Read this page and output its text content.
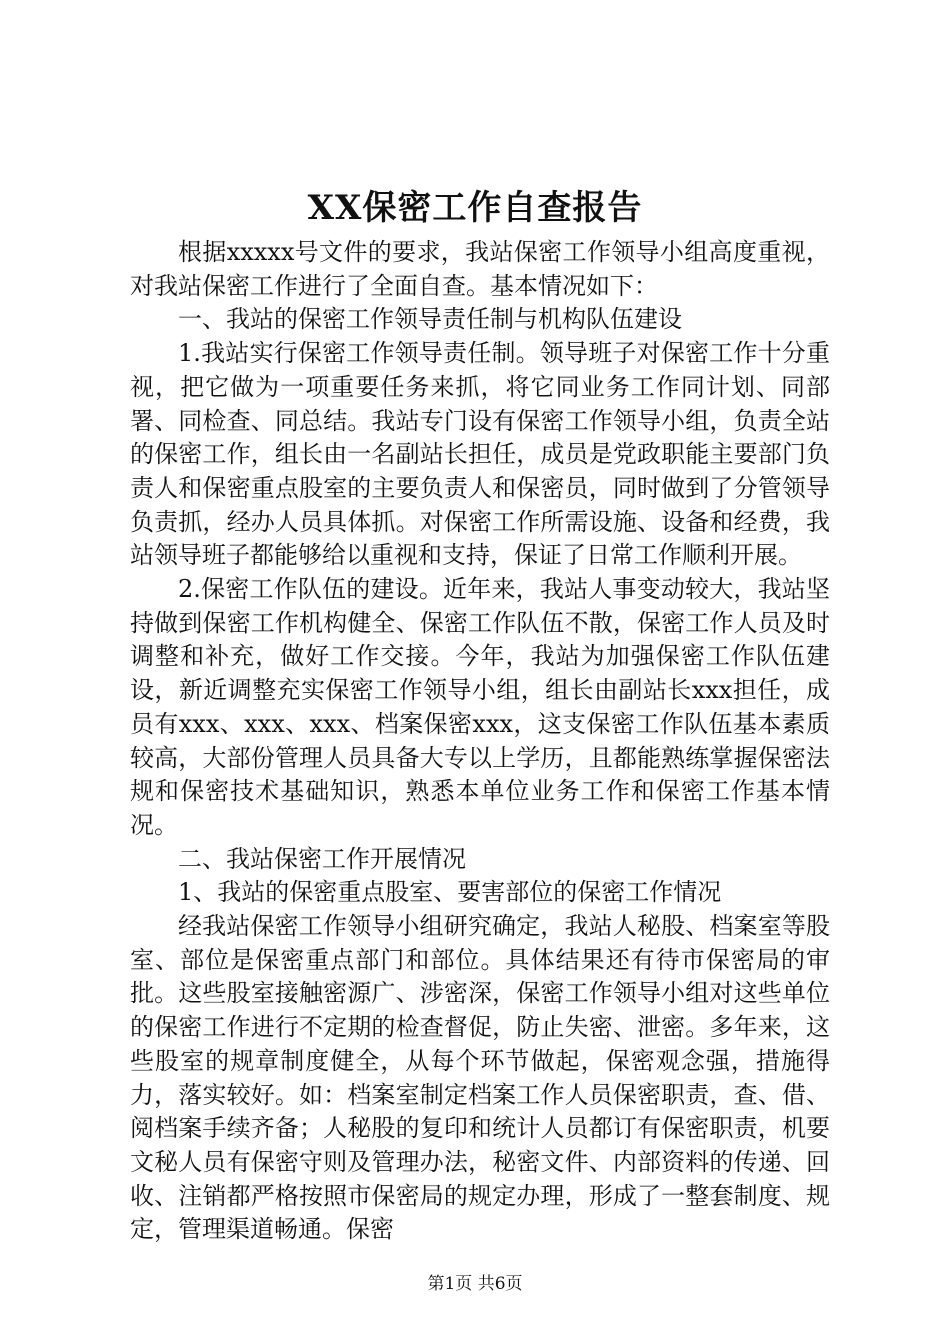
XX保密工作自查报告

根据xxxxx号文件的要求，我站保密工作领导小组高度重视，对我站保密工作进行了全面自查。基本情况如下：

一、我站的保密工作领导责任制与机构队伍建设

1.我站实行保密工作领导责任制。领导班子对保密工作十分重视，把它做为一项重要任务来抓，将它同业务工作同计划、同部署、同检查、同总结。我站专门设有保密工作领导小组，负责全站的保密工作，组长由一名副站长担任，成员是党政职能主要部门负责人和保密重点股室的主要负责人和保密员，同时做到了分管领导负责抓，经办人员具体抓。对保密工作所需设施、设备和经费，我站领导班子都能够给以重视和支持，保证了日常工作顺利开展。

2.保密工作队伍的建设。近年来，我站人事变动较大，我站坚持做到保密工作机构健全、保密工作队伍不散，保密工作人员及时调整和补充，做好工作交接。今年，我站为加强保密工作队伍建设，新近调整充实保密工作领导小组，组长由副站长xxx担任，成员有xxx、xxx、xxx、档案保密xxx，这支保密工作队伍基本素质较高，大部份管理人员具备大专以上学历，且都能熟练掌握保密法规和保密技术基础知识，熟悉本单位业务工作和保密工作基本情况。

二、我站保密工作开展情况

1、我站的保密重点股室、要害部位的保密工作情况

经我站保密工作领导小组研究确定，我站人秘股、档案室等股室、部位是保密重点部门和部位。具体结果还有待市保密局的审批。这些股室接触密源广、涉密深，保密工作领导小组对这些单位的保密工作进行不定期的检查督促，防止失密、泄密。多年来，这些股室的规章制度健全，从每个环节做起，保密观念强，措施得力，落实较好。如：档案室制定档案工作人员保密职责，查、借、阅档案手续齐备；人秘股的复印和统计人员都订有保密职责，机要文秘人员有保密守则及管理办法，秘密文件、内部资料的传递、回收、注销都严格按照市保密局的规定办理，形成了一整套制度、规定，管理渠道畅通。保密

第1页 共6页
